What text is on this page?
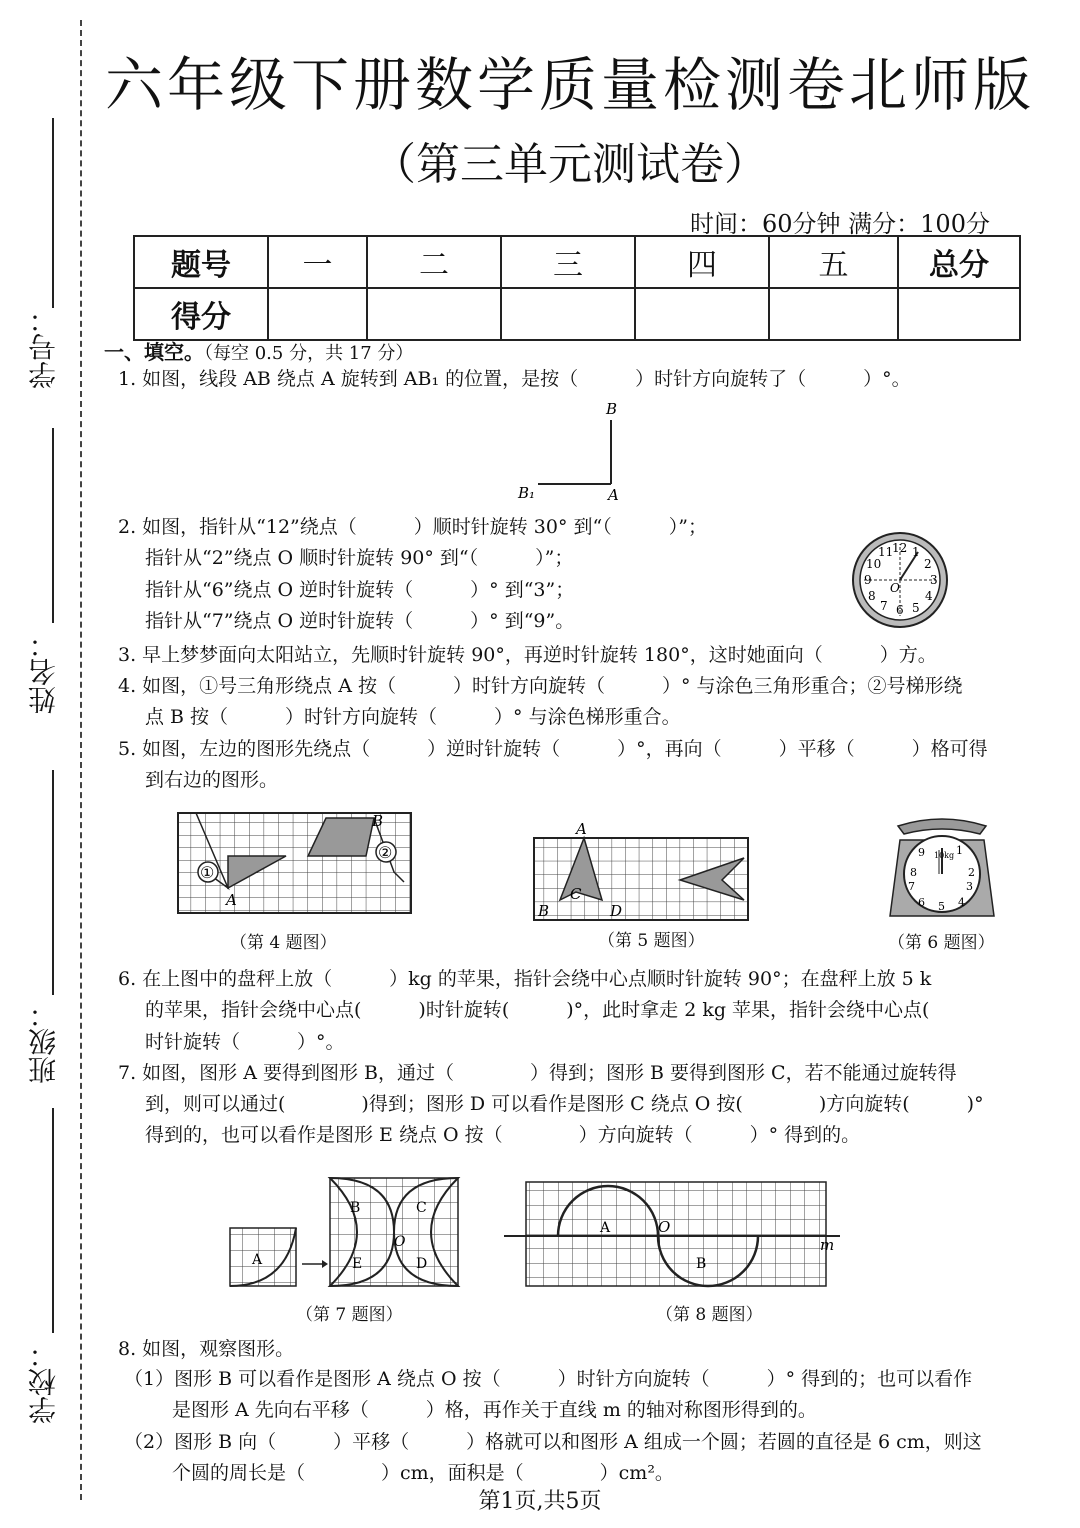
学号：
姓名：
班级：
学校：
六年级下册数学质量检测卷北师版
（第三单元测试卷）
时间：60分钟 满分：100分
题号	一	二	三	四	五	总分
得分						
一、填空。（每空 0.5 分，共 17 分）
1. 如图，线段 AB 绕点 A 旋转到 AB₁ 的位置，是按（　　　）时针方向旋转了（　　　）°。
B
A
B₁
2. 如图，指针从“12”绕点（　　　）顺时针旋转 30° 到“（　　　）”；
指针从“2”绕点 O 顺时针旋转 90° 到“（　　　）”；
指针从“6”绕点 O 逆时针旋转（　　　）° 到“3”；
指针从“7”绕点 O 逆时针旋转（　　　）° 到“9”。
12 1
2
3
4
5
6
7
8
9
10
11
O
3. 早上梦梦面向太阳站立，先顺时针旋转 90°，再逆时针旋转 180°，这时她面向（　　　）方。
4. 如图，①号三角形绕点 A 按（　　　）时针方向旋转（　　　）° 与涂色三角形重合；②号梯形绕
点 B 按（　　　）时针方向旋转（　　　）° 与涂色梯形重合。
5. 如图，左边的图形先绕点（　　　）逆时针旋转（　　　）°，再向（　　　）平移（　　　）格可得
到右边的图形。
①
②
A
B
（第 4 题图）
A
B
C
D
（第 5 题图）
10kg 1
2
3
4
5
6
7
8
9
（第 6 题图）
6. 在上图中的盘秤上放（　　　）kg 的苹果，指针会绕中心点顺时针旋转 90°；在盘秤上放 5 k
的苹果，指针会绕中心点(　　　)时针旋转(　　　)°，此时拿走 2 kg 苹果，指针会绕中心点(
时针旋转（　　　）°。
7. 如图，图形 A 要得到图形 B，通过（　　　　）得到；图形 B 要得到图形 C，若不能通过旋转得
到，则可以通过(　　　　)得到；图形 D 可以看作是图形 C 绕点 O 按(　　　　)方向旋转(　　　)°
得到的，也可以看作是图形 E 绕点 O 按（　　　　）方向旋转（　　　）° 得到的。
A
B	C
O
E	D
（第 7 题图）
A	O
B
m
（第 8 题图）
8. 如图，观察图形。
（1）图形 B 可以看作是图形 A 绕点 O 按（　　　）时针方向旋转（　　　）° 得到的；也可以看作
是图形 A 先向右平移（　　　）格，再作关于直线 m 的轴对称图形得到的。
（2）图形 B 向（　　　）平移（　　　）格就可以和图形 A 组成一个圆；若圆的直径是 6 cm，则这
个圆的周长是（　　　　）cm，面积是（　　　　）cm²。
第1页,共5页
